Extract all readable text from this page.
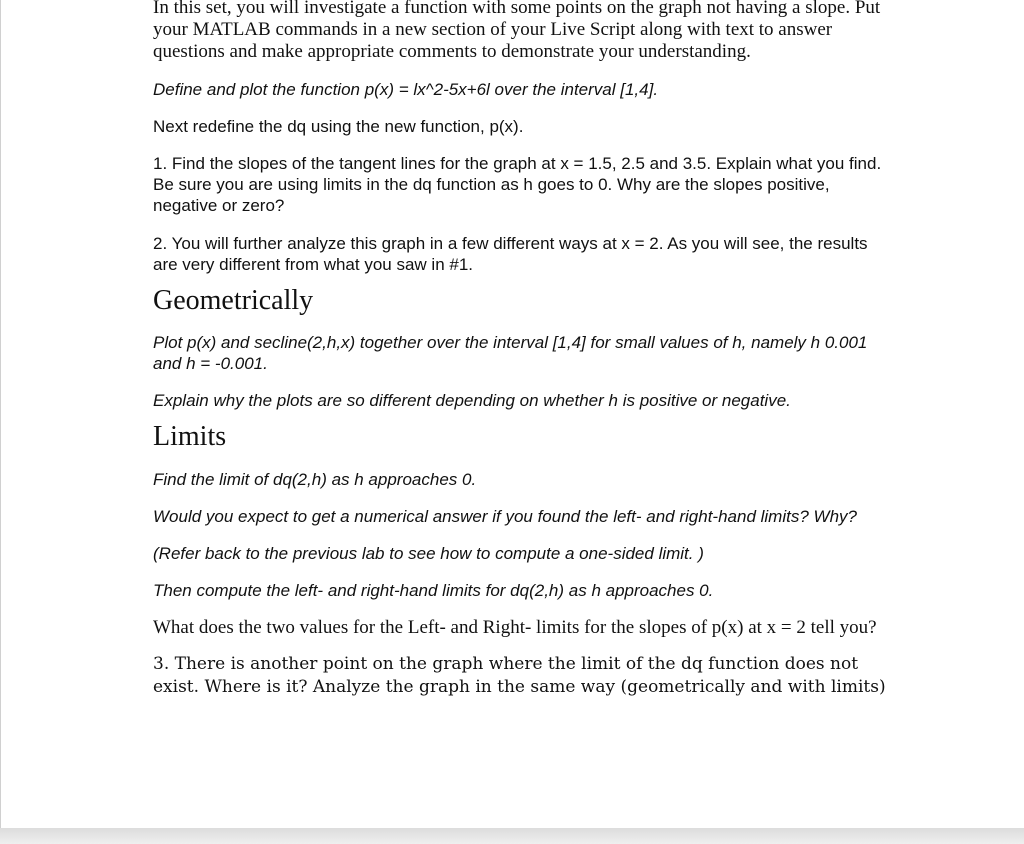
In this set, you will investigate a function with some points on the graph not having a slope. Put your MATLAB commands in a new section of your Live Script along with text to answer questions and make appropriate comments to demonstrate your understanding.

Define and plot the function p(x) = lx^2-5x+6l over the interval [1,4].

Next redefine the dq using the new function, p(x).

1. Find the slopes of the tangent lines for the graph at x = 1.5, 2.5 and 3.5. Explain what you find. Be sure you are using limits in the dq function as h goes to 0. Why are the slopes positive, negative or zero?

2. You will further analyze this graph in a few different ways at x = 2. As you will see, the results are very different from what you saw in #1.

Geometrically

Plot p(x) and secline(2,h,x) together over the interval [1,4] for small values of h, namely h 0.001 and h = -0.001.

Explain why the plots are so different depending on whether h is positive or negative.

Limits

Find the limit of dq(2,h) as h approaches 0.

Would you expect to get a numerical answer if you found the left- and right-hand limits? Why?

(Refer back to the previous lab to see how to compute a one-sided limit. )

Then compute the left- and right-hand limits for dq(2,h) as h approaches 0.

What does the two values for the Left- and Right- limits for the slopes of p(x) at x = 2 tell you?

3. There is another point on the graph where the limit of the dq function does not exist. Where is it? Analyze the graph in the same way (geometrically and with limits)
